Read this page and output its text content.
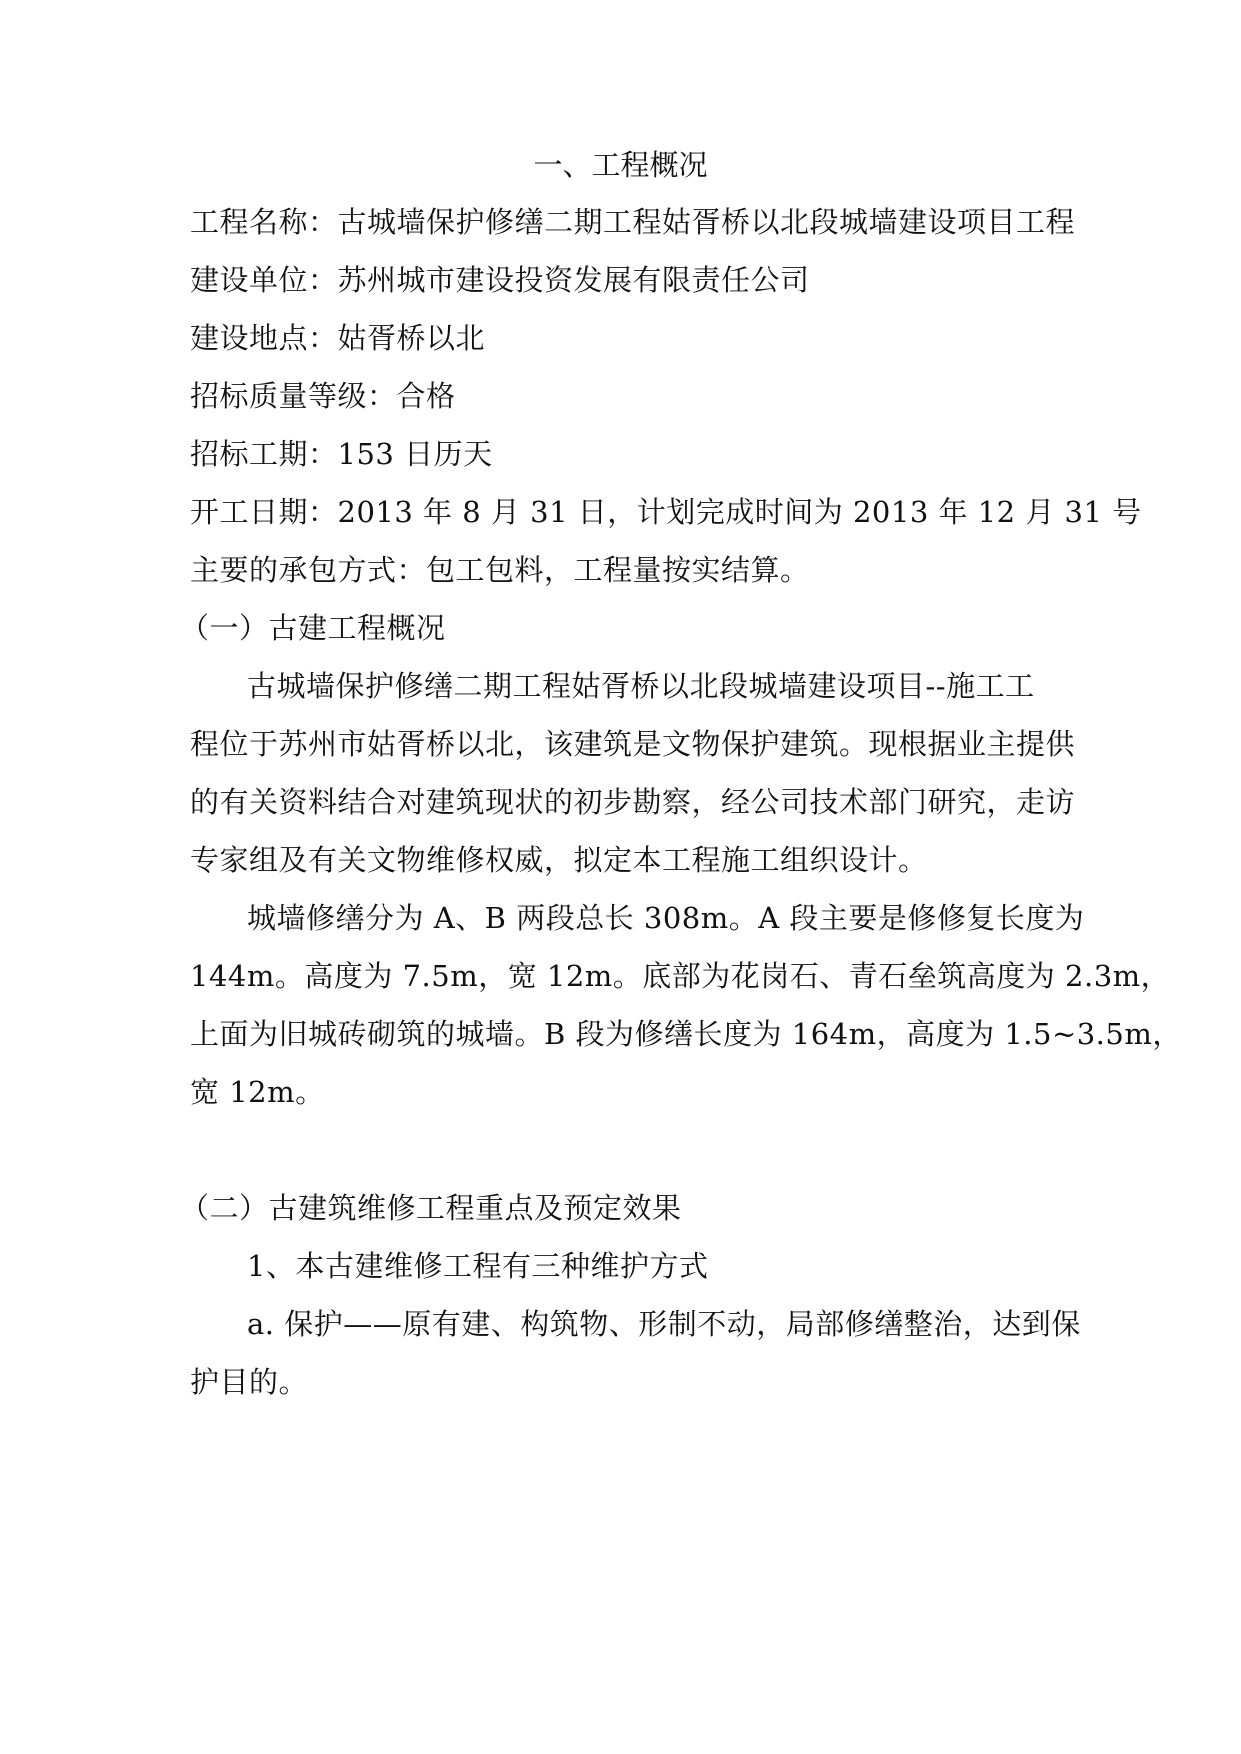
一、工程概况
工程名称：古城墙保护修缮二期工程姑胥桥以北段城墙建设项目工程
建设单位：苏州城市建设投资发展有限责任公司
建设地点：姑胥桥以北
招标质量等级：合格
招标工期：153 日历天
开工日期：2013 年 8 月 31 日，计划完成时间为 2013 年 12 月 31 号
主要的承包方式：包工包料，工程量按实结算。
（一）古建工程概况
古城墙保护修缮二期工程姑胥桥以北段城墙建设项目--施工工
程位于苏州市姑胥桥以北，该建筑是文物保护建筑。现根据业主提供
的有关资料结合对建筑现状的初步勘察，经公司技术部门研究，走访
专家组及有关文物维修权威，拟定本工程施工组织设计。
城墙修缮分为 A、B 两段总长 308m。A 段主要是修修复长度为
144m。高度为 7.5m，宽 12m。底部为花岗石、青石垒筑高度为 2.3m，
上面为旧城砖砌筑的城墙。B 段为修缮长度为 164m，高度为 1.5~3.5m，
宽 12m。
（二）古建筑维修工程重点及预定效果
1、本古建维修工程有三种维护方式
a. 保护——原有建、构筑物、形制不动，局部修缮整治，达到保
护目的。
